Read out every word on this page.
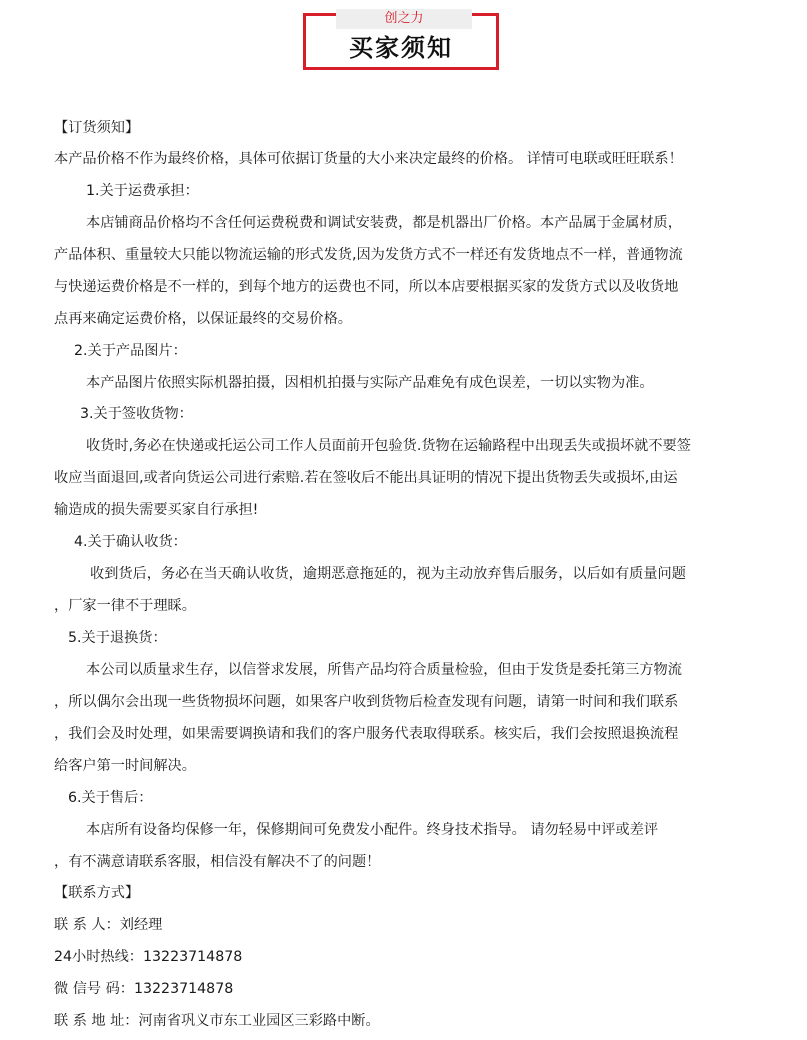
创之力
买家须知
【订货须知】
本产品价格不作为最终价格，具体可依据订货量的大小来决定最终的价格。 详情可电联或旺旺联系！
1.关于运费承担：
本店铺商品价格均不含任何运费税费和调试安装费，都是机器出厂价格。本产品属于金属材质，
产品体积、重量较大只能以物流运输的形式发货,因为发货方式不一样还有发货地点不一样，普通物流
与快递运费价格是不一样的，到每个地方的运费也不同，所以本店要根据买家的发货方式以及收货地
点再来确定运费价格，以保证最终的交易价格。
2.关于产品图片：
本产品图片依照实际机器拍摄，因相机拍摄与实际产品难免有成色误差，一切以实物为准。
3.关于签收货物：
收货时,务必在快递或托运公司工作人员面前开包验货.货物在运输路程中出现丢失或损坏就不要签
收应当面退回,或者向货运公司进行索赔.若在签收后不能出具证明的情况下提出货物丢失或损坏,由运
输造成的损失需要买家自行承担!
4.关于确认收货：
收到货后，务必在当天确认收货，逾期恶意拖延的，视为主动放弃售后服务，以后如有质量问题
，厂家一律不于理睬。
5.关于退换货：
本公司以质量求生存，以信誉求发展，所售产品均符合质量检验，但由于发货是委托第三方物流
，所以偶尔会出现一些货物损坏问题，如果客户收到货物后检查发现有问题，请第一时间和我们联系
，我们会及时处理，如果需要调换请和我们的客户服务代表取得联系。核实后，我们会按照退换流程
给客户第一时间解决。
6.关于售后：
本店所有设备均保修一年，保修期间可免费发小配件。终身技术指导。 请勿轻易中评或差评
，有不满意请联系客服，相信没有解决不了的问题！
【联系方式】
联 系 人：刘经理
24小时热线：13223714878
微 信号 码：13223714878
联 系 地 址：河南省巩义市东工业园区三彩路中断。
